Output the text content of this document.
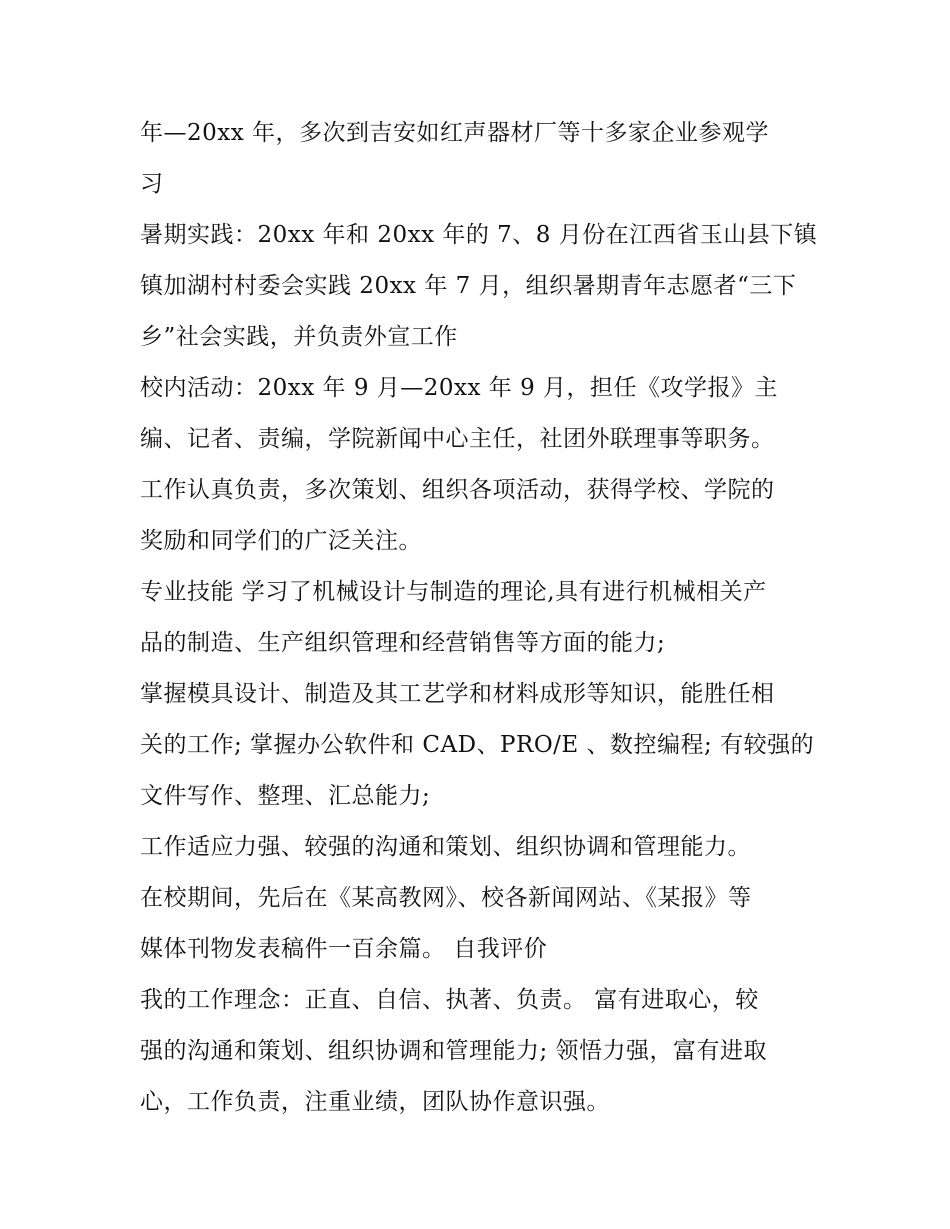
年—20xx 年，多次到吉安如红声器材厂等十多家企业参观学
习
暑期实践：20xx 年和 20xx 年的 7、8 月份在江西省玉山县下镇
镇加湖村村委会实践 20xx 年 7 月，组织暑期青年志愿者“三下
乡”社会实践，并负责外宣工作
校内活动：20xx 年 9 月—20xx 年 9 月，担任《攻学报》主
编、记者、责编，学院新闻中心主任，社团外联理事等职务。
工作认真负责，多次策划、组织各项活动，获得学校、学院的
奖励和同学们的广泛关注。
专业技能 学习了机械设计与制造的理论,具有进行机械相关产
品的制造、生产组织管理和经营销售等方面的能力;
掌握模具设计、制造及其工艺学和材料成形等知识，能胜任相
关的工作; 掌握办公软件和 CAD、PRO/E 、数控编程; 有较强的
文件写作、整理、汇总能力;
工作适应力强、较强的沟通和策划、组织协调和管理能力。
在校期间，先后在《某高教网》、校各新闻网站、《某报》等
媒体刊物发表稿件一百余篇。 自我评价
我的工作理念：正直、自信、执著、负责。 富有进取心，较
强的沟通和策划、组织协调和管理能力; 领悟力强，富有进取
心，工作负责，注重业绩，团队协作意识强。
